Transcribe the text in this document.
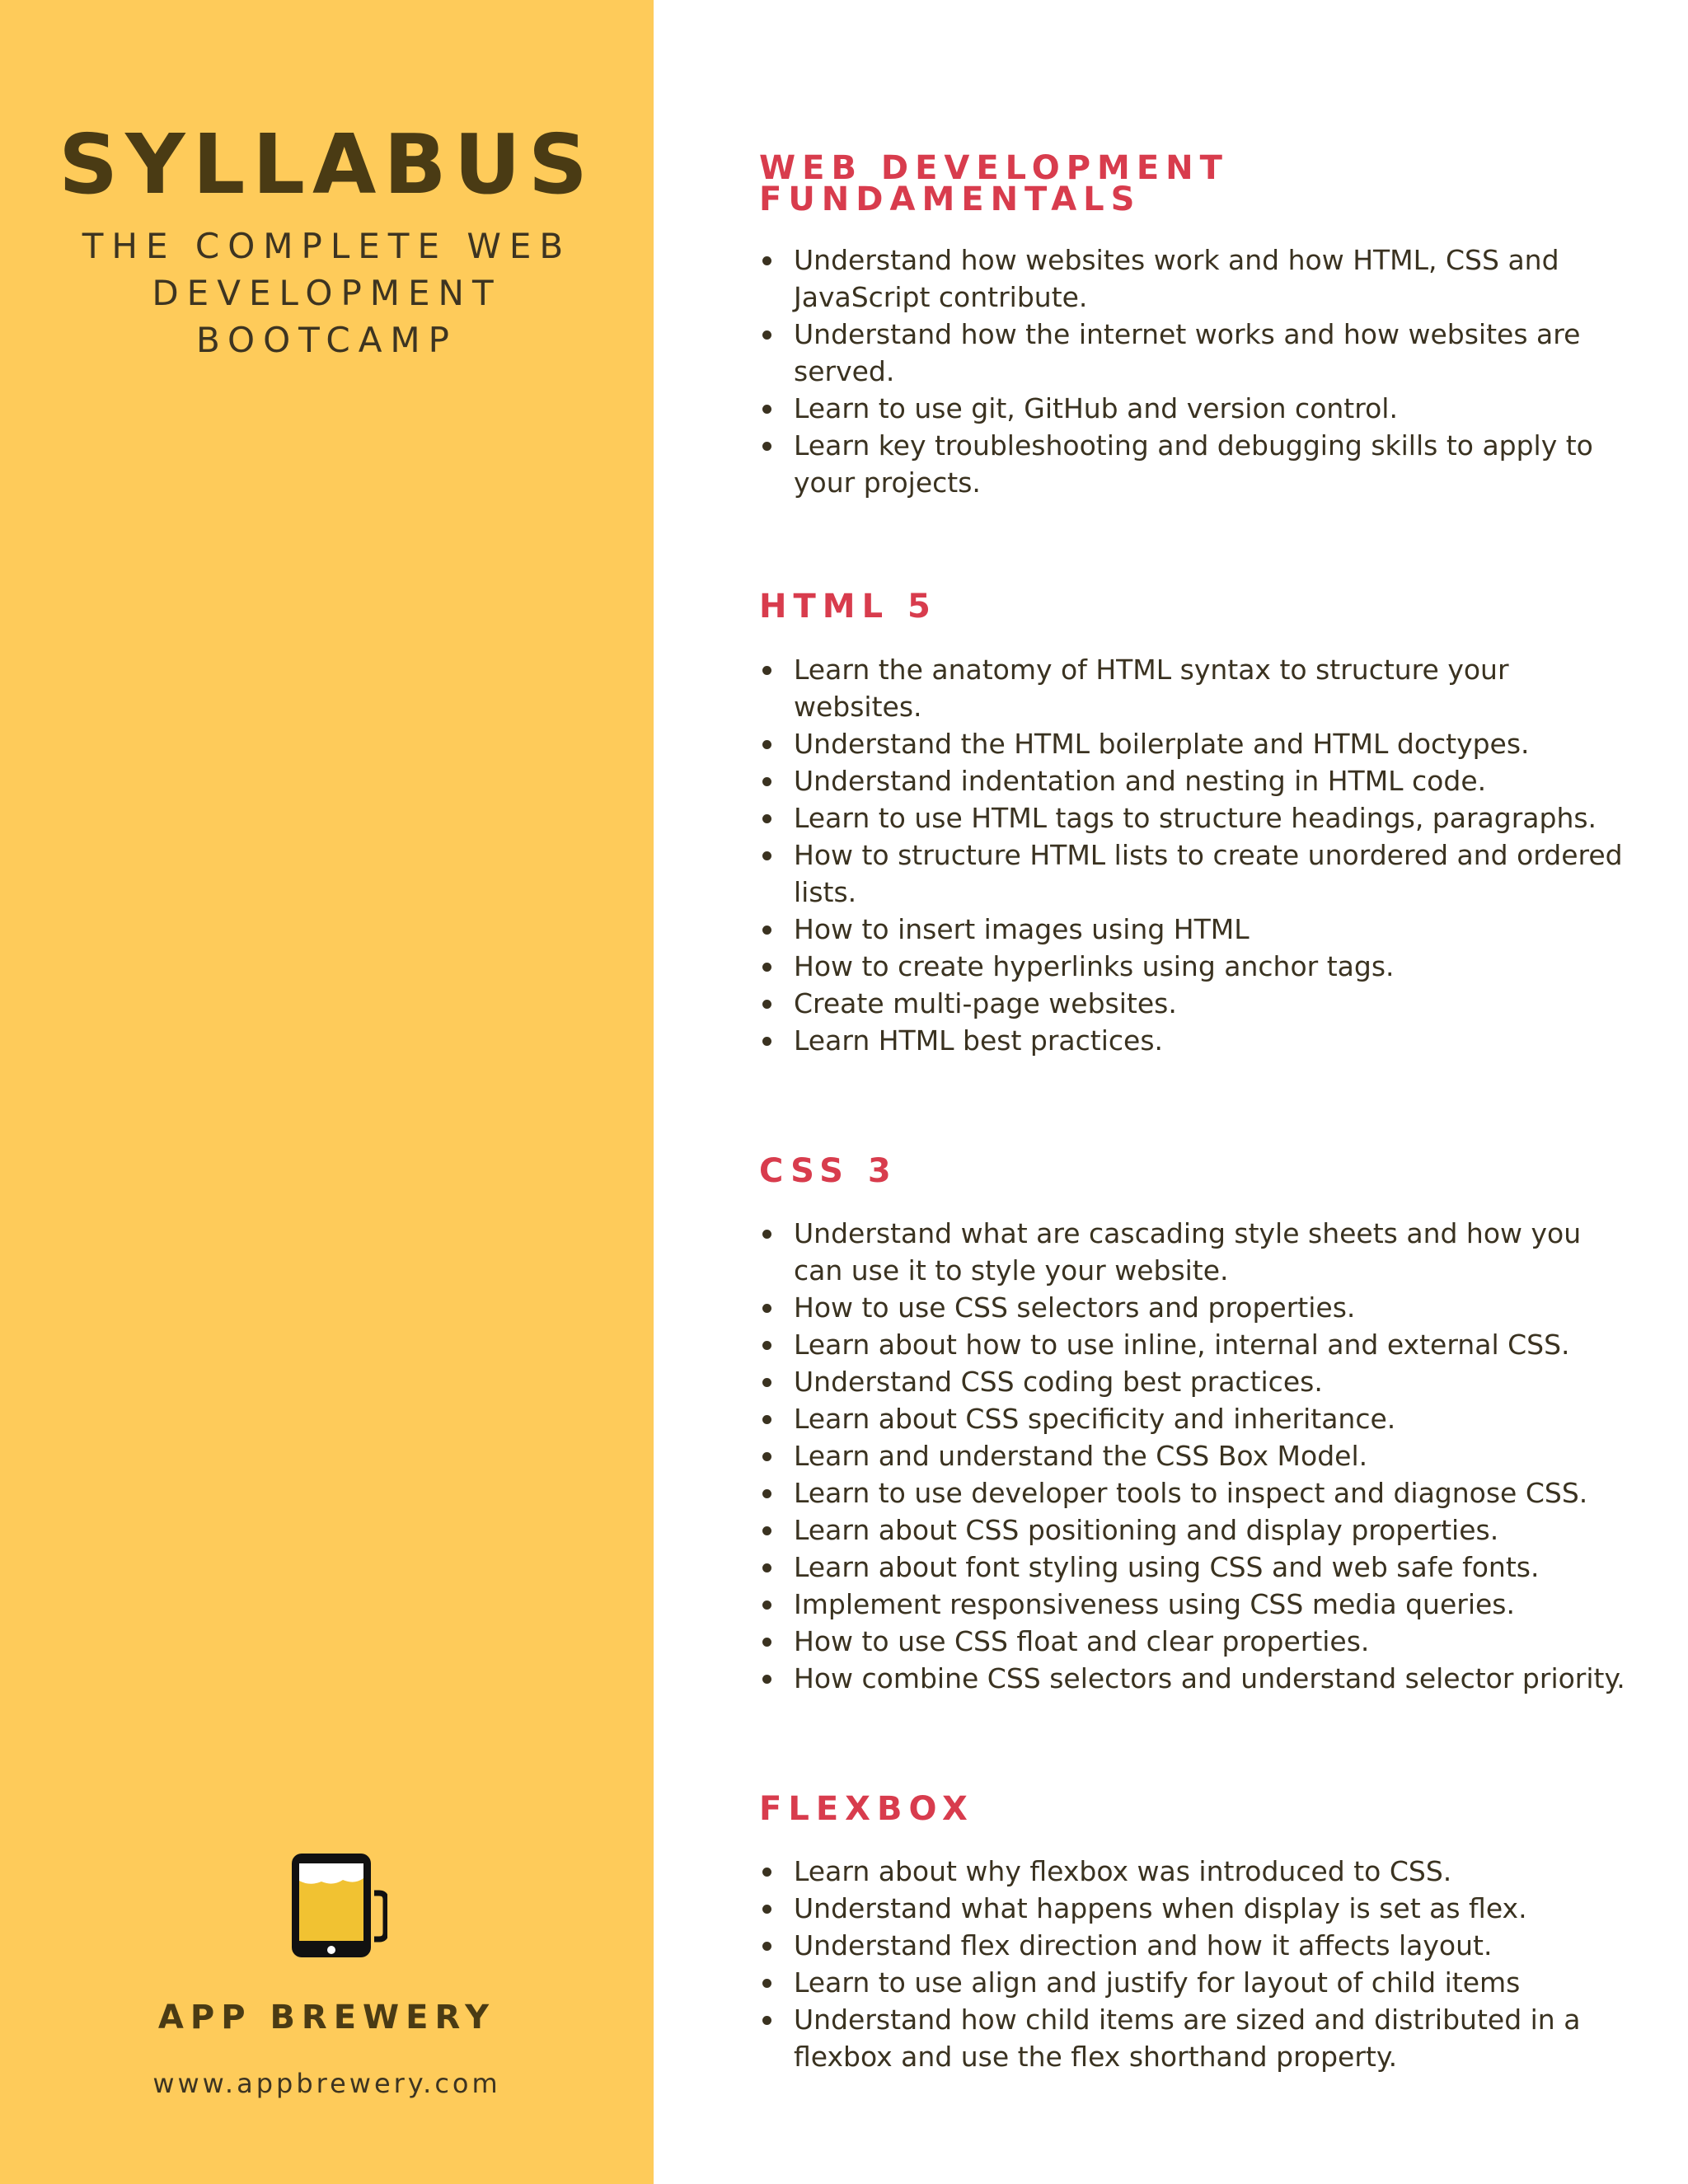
SYLLABUS
THE COMPLETE WEB
DEVELOPMENT
BOOTCAMP
APP BREWERY
www.appbrewery.com
WEB DEVELOPMENT
FUNDAMENTALS
Understand how websites work and how HTML, CSS and JavaScript contribute.
Understand how the internet works and how websites are served.
Learn to use git, GitHub and version control.
Learn key troubleshooting and debugging skills to apply to your projects.
HTML 5
Learn the anatomy of HTML syntax to structure your websites.
Understand the HTML boilerplate and HTML doctypes.
Understand indentation and nesting in HTML code.
Learn to use HTML tags to structure headings, paragraphs.
How to structure HTML lists to create unordered and ordered lists.
How to insert images using HTML
How to create hyperlinks using anchor tags.
Create multi-page websites.
Learn HTML best practices.
CSS 3
Understand what are cascading style sheets and how you can use it to style your website.
How to use CSS selectors and properties.
Learn about how to use inline, internal and external CSS.
Understand CSS coding best practices.
Learn about CSS specificity and inheritance.
Learn and understand the CSS Box Model.
Learn to use developer tools to inspect and diagnose CSS.
Learn about CSS positioning and display properties.
Learn about font styling using CSS and web safe fonts.
Implement responsiveness using CSS media queries.
How to use CSS float and clear properties.
How combine CSS selectors and understand selector priority.
FLEXBOX
Learn about why flexbox was introduced to CSS.
Understand what happens when display is set as flex.
Understand flex direction and how it affects layout.
Learn to use align and justify for layout of child items
Understand how child items are sized and distributed in a flexbox and use the flex shorthand property.
